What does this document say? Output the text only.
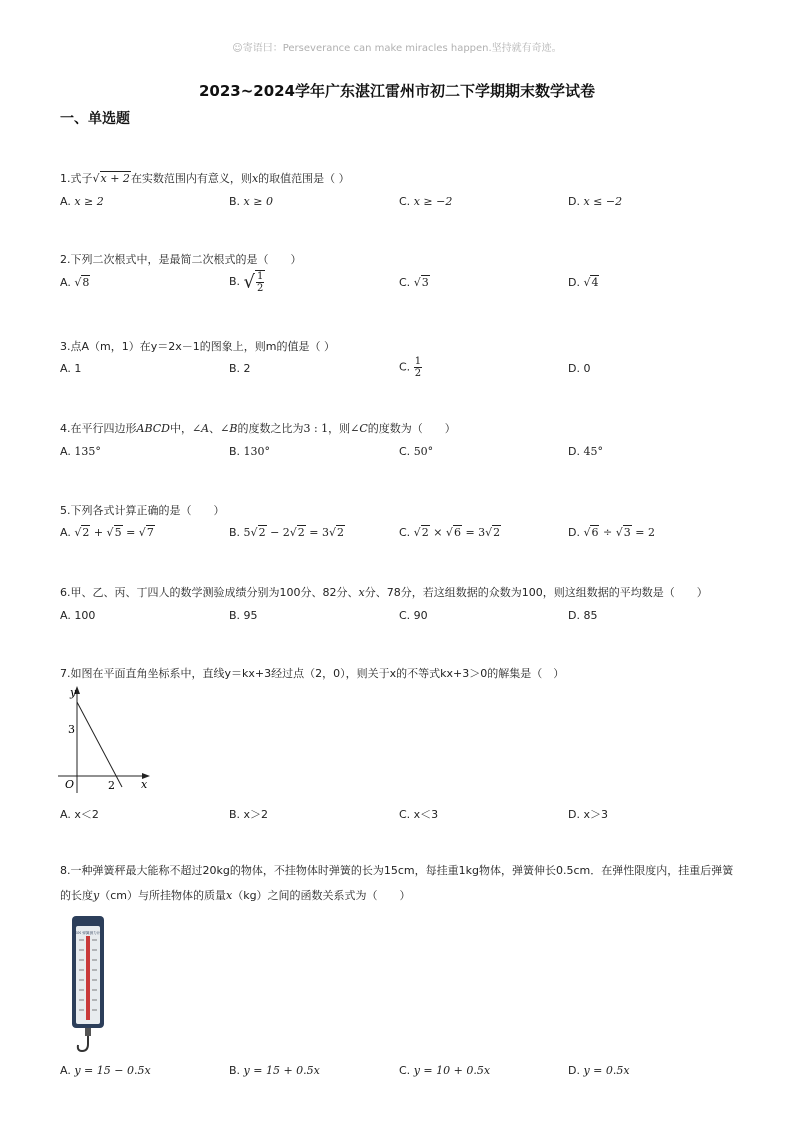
☺寄语曰：Perseverance can make miracles happen.坚持就有奇迹。
2023~2024学年广东湛江雷州市初二下学期期末数学试卷
一、单选题
1.式子√x + 2在实数范围内有意义，则x的取值范围是（ ）
A. x ≥ 2	B. x ≥ 0	C. x ≥ −2	D. x ≤ −2
2.下列二次根式中，是最简二次根式的是（　　）
A. √8	B. √ $\frac{1}{2}$	C. √3	D. √4
3.点A（m，1）在y＝2x－1的图象上，则m的值是（ ）
A. 1	B. 2	C. $\frac{1}{2}$	D. 0
4.在平行四边形ABCD中，∠A、∠B的度数之比为3 : 1，则∠C的度数为（　　）
A. 135°	B. 130°	C. 50°	D. 45°
5.下列各式计算正确的是（　　）
A. √2 + √5 = √7	B. 5√2 − 2√2 = 3√2	C. √2 × √6 = 3√2	D. √6 ÷ √3 = 2
6.甲、乙、丙、丁四人的数学测验成绩分别为100分、82分、x分、78分，若这组数据的众数为100，则这组数据的平均数是（　　）
A. 100	B. 95	C. 90	D. 85
7.如图在平面直角坐标系中，直线y＝kx+3经过点（2，0），则关于x的不等式kx+3＞0的解集是（　）
y
x
O
3
2
A. x＜2	B. x＞2	C. x＜3	D. x＞3
8.一种弹簧秤最大能称不超过20kg的物体，不挂物体时弹簧的长为15cm，每挂重1kg物体，弹簧伸长0.5cm．在弹性限度内，挂重后弹簧
的长度y（cm）与所挂物体的质量x（kg）之间的函数关系式为（　　）
5N 弹簧测力计
A. y = 15 − 0.5x	B. y = 15 + 0.5x	C. y = 10 + 0.5x	D. y = 0.5x
